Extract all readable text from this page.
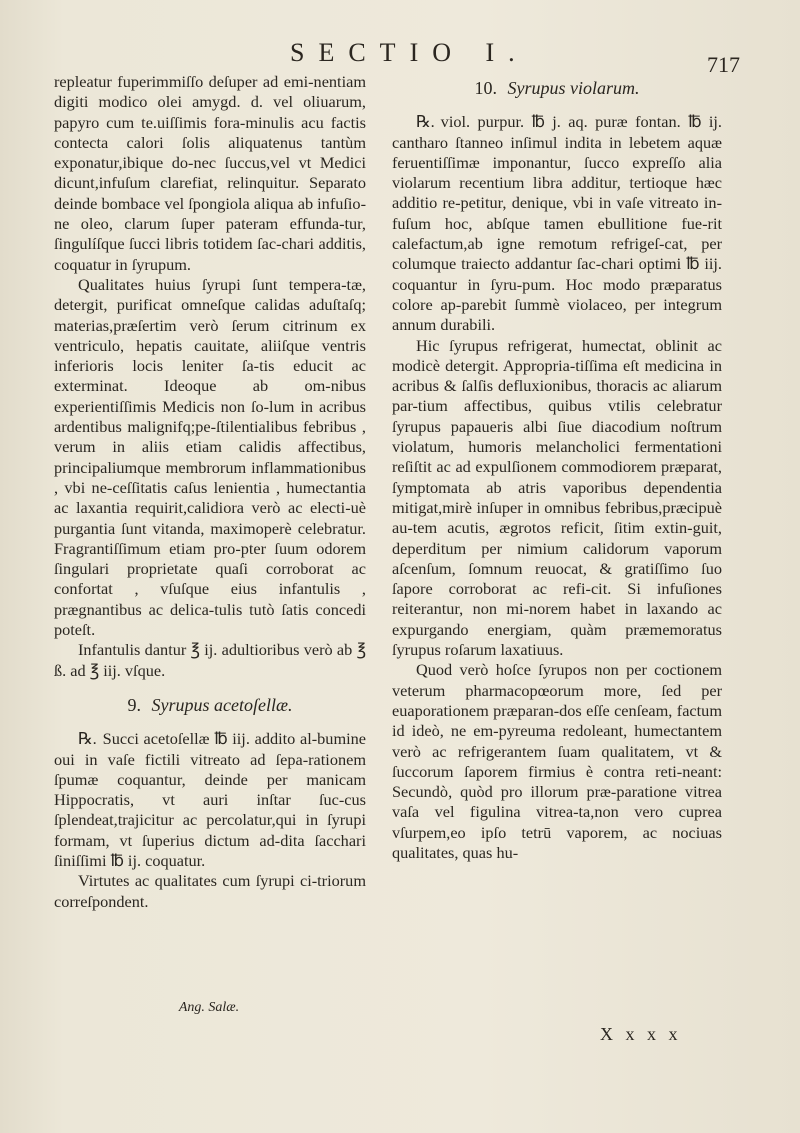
SECTIO I.	717

repleatur fuperimmiſſo deſuper ad emi-nentiam digiti modico olei amygd. d. vel oliuarum, papyro cum te.uiſſimis fora-minulis acu factis contecta calori ſolis aliquatenus tantùm exponatur,ibique do-nec ſuccus,vel vt Medici dicunt,infuſum clarefiat, relinquitur. Separato deinde bombace vel ſpongiola aliqua ab infuſio-ne oleo, clarum ſuper pateram effunda-tur, ſingulíſque ſucci libris totidem ſac-chari additis, coquatur in ſyrupum.

Qualitates huius ſyrupi ſunt tempera-tæ, detergit, purificat omneſque calidas aduſtaſq; materias,præſertim verò ſerum citrinum ex ventriculo, hepatis cauitate, aliiſque ventris inferioris locis leniter ſa-tis educit ac exterminat. Ideoque ab om-nibus experientiſſimis Medicis non ſo-lum in acribus ardentibus malignifq;pe-ſtilentialibus febribus , verum in aliis etiam calidis affectibus, principaliumque membrorum inflammationibus , vbi ne-ceſſitatis caſus lenientia , humectantia ac laxantia requirit,calidiora verò ac electi-uè purgantia ſunt vitanda, maximoperè celebratur. Fragrantiſſimum etiam pro-pter ſuum odorem ſingulari proprietate quaſi corroborat ac confortat , vſuſque eius infantulis , prægnantibus ac delica-tulis tutò ſatis concedi poteſt.

Infantulis dantur ℥ ij. adultioribus verò ab ℥ ß. ad ℥ iij. vſque.

9. Syrupus acetoſellæ.

℞. Succi acetoſellæ ℔ iij. addito al-bumine oui in vaſe fictili vitreato ad ſepa-rationem ſpumæ coquantur, deinde per manicam Hippocratis, vt auri inſtar ſuc-cus ſplendeat,trajicitur ac percolatur,qui in ſyrupi formam, vt ſuperius dictum ad-dita ſacchari ſiniſſimi ℔ ij. coquatur.

Virtutes ac qualitates cum ſyrupi ci-triorum correſpondent.

Ang. Salæ.
10. Syrupus violarum.

℞. viol. purpur. ℔ j. aq. puræ fontan. ℔ ij. cantharo ſtanneo inſimul indita in lebetem aquæ feruentiſſimæ imponantur, ſucco expreſſo alia violarum recentium libra additur, tertioque hæc additio re-petitur, denique, vbi in vaſe vitreato in-fuſum hoc, abſque tamen ebullitione fue-rit calefactum,ab igne remotum refrigeſ-cat, per columque traiecto addantur ſac-chari optimi ℔ iij. coquantur in ſyru-pum. Hoc modo præparatus colore ap-parebit ſummè violaceo, per integrum annum durabili.

Hic ſyrupus refrigerat, humectat, oblinit ac modicè detergit. Appropria-tiſſima eſt medicina in acribus & ſalſis defluxionibus, thoracis ac aliarum par-tium affectibus, quibus vtilis celebratur ſyrupus papaueris albi ſiue diacodium noſtrum violatum, humoris melancholici fermentationi reſiſtit ac ad expulſionem commodiorem præparat, ſymptomata ab atris vaporibus dependentia mitigat,mirè inſuper in omnibus febribus,præcipuè au-tem acutis, ægrotos reficit, ſitim extin-guit, deperditum per nimium calidorum vaporum aſcenſum, ſomnum reuocat, & gratiſſimo ſuo ſapore corroborat ac refi-cit. Si infuſiones reiterantur, non mi-norem habet in laxando ac expurgando energiam, quàm præmemoratus ſyrupus roſarum laxatiuus.

Quod verò hoſce ſyrupos non per coctionem veterum pharmacopœorum more, ſed per euaporationem præparan-dos eſſe cenſeam, factum id ideò, ne em-pyreuma redoleant, humectantem verò ac refrigerantem ſuam qualitatem, vt & ſuccorum ſaporem firmius è contra reti-neant: Secundò, quòd pro illorum præ-paratione vitrea vaſa vel figulina vitrea-ta,non vero cuprea vſurpem,eo ipſo tetrū vaporem, ac nociuas qualitates, quas hu-

X x x x
